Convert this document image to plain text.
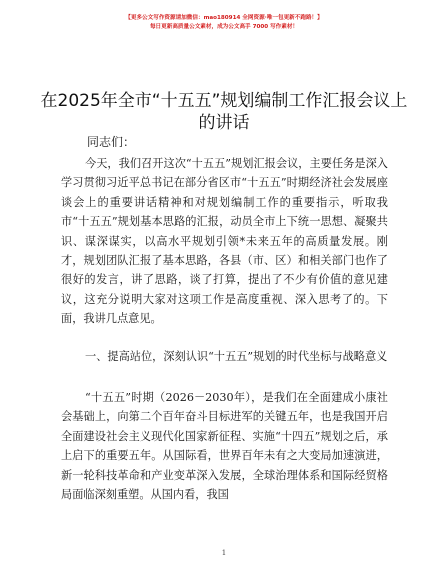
【更多公文写作资源请加微信：mao180914 全网资源·唯一包更新不跑路！】
每日更新高质量公文素材，成为公文高手 7000 写作素材！
在2025年全市“十五五”规划编制工作汇报会议上的讲话
同志们：

今天，我们召开这次“十五五”规划汇报会议，主要任务是深入学习贯彻习近平总书记在部分省区市“十五五”时期经济社会发展座谈会上的重要讲话精神和对规划编制工作的重要指示，听取我市“十五五”规划基本思路的汇报，动员全市上下统一思想、凝聚共识、谋深谋实，以高水平规划引领*未来五年的高质量发展。刚才，规划团队汇报了基本思路，各县（市、区）和相关部门也作了很好的发言，讲了思路，谈了打算，提出了不少有价值的意见建议，这充分说明大家对这项工作是高度重视、深入思考了的。下面，我讲几点意见。

一、提高站位，深刻认识“十五五”规划的时代坐标与战略意义

“十五五”时期（2026－2030年），是我们在全面建成小康社会基础上，向第二个百年奋斗目标进军的关键五年，也是我国开启全面建设社会主义现代化国家新征程、实施“十四五”规划之后，承上启下的重要五年。从国际看，世界百年未有之大变局加速演进，新一轮科技革命和产业变革深入发展，全球治理体系和国际经贸格局面临深刻重塑。从国内看，我国

1
